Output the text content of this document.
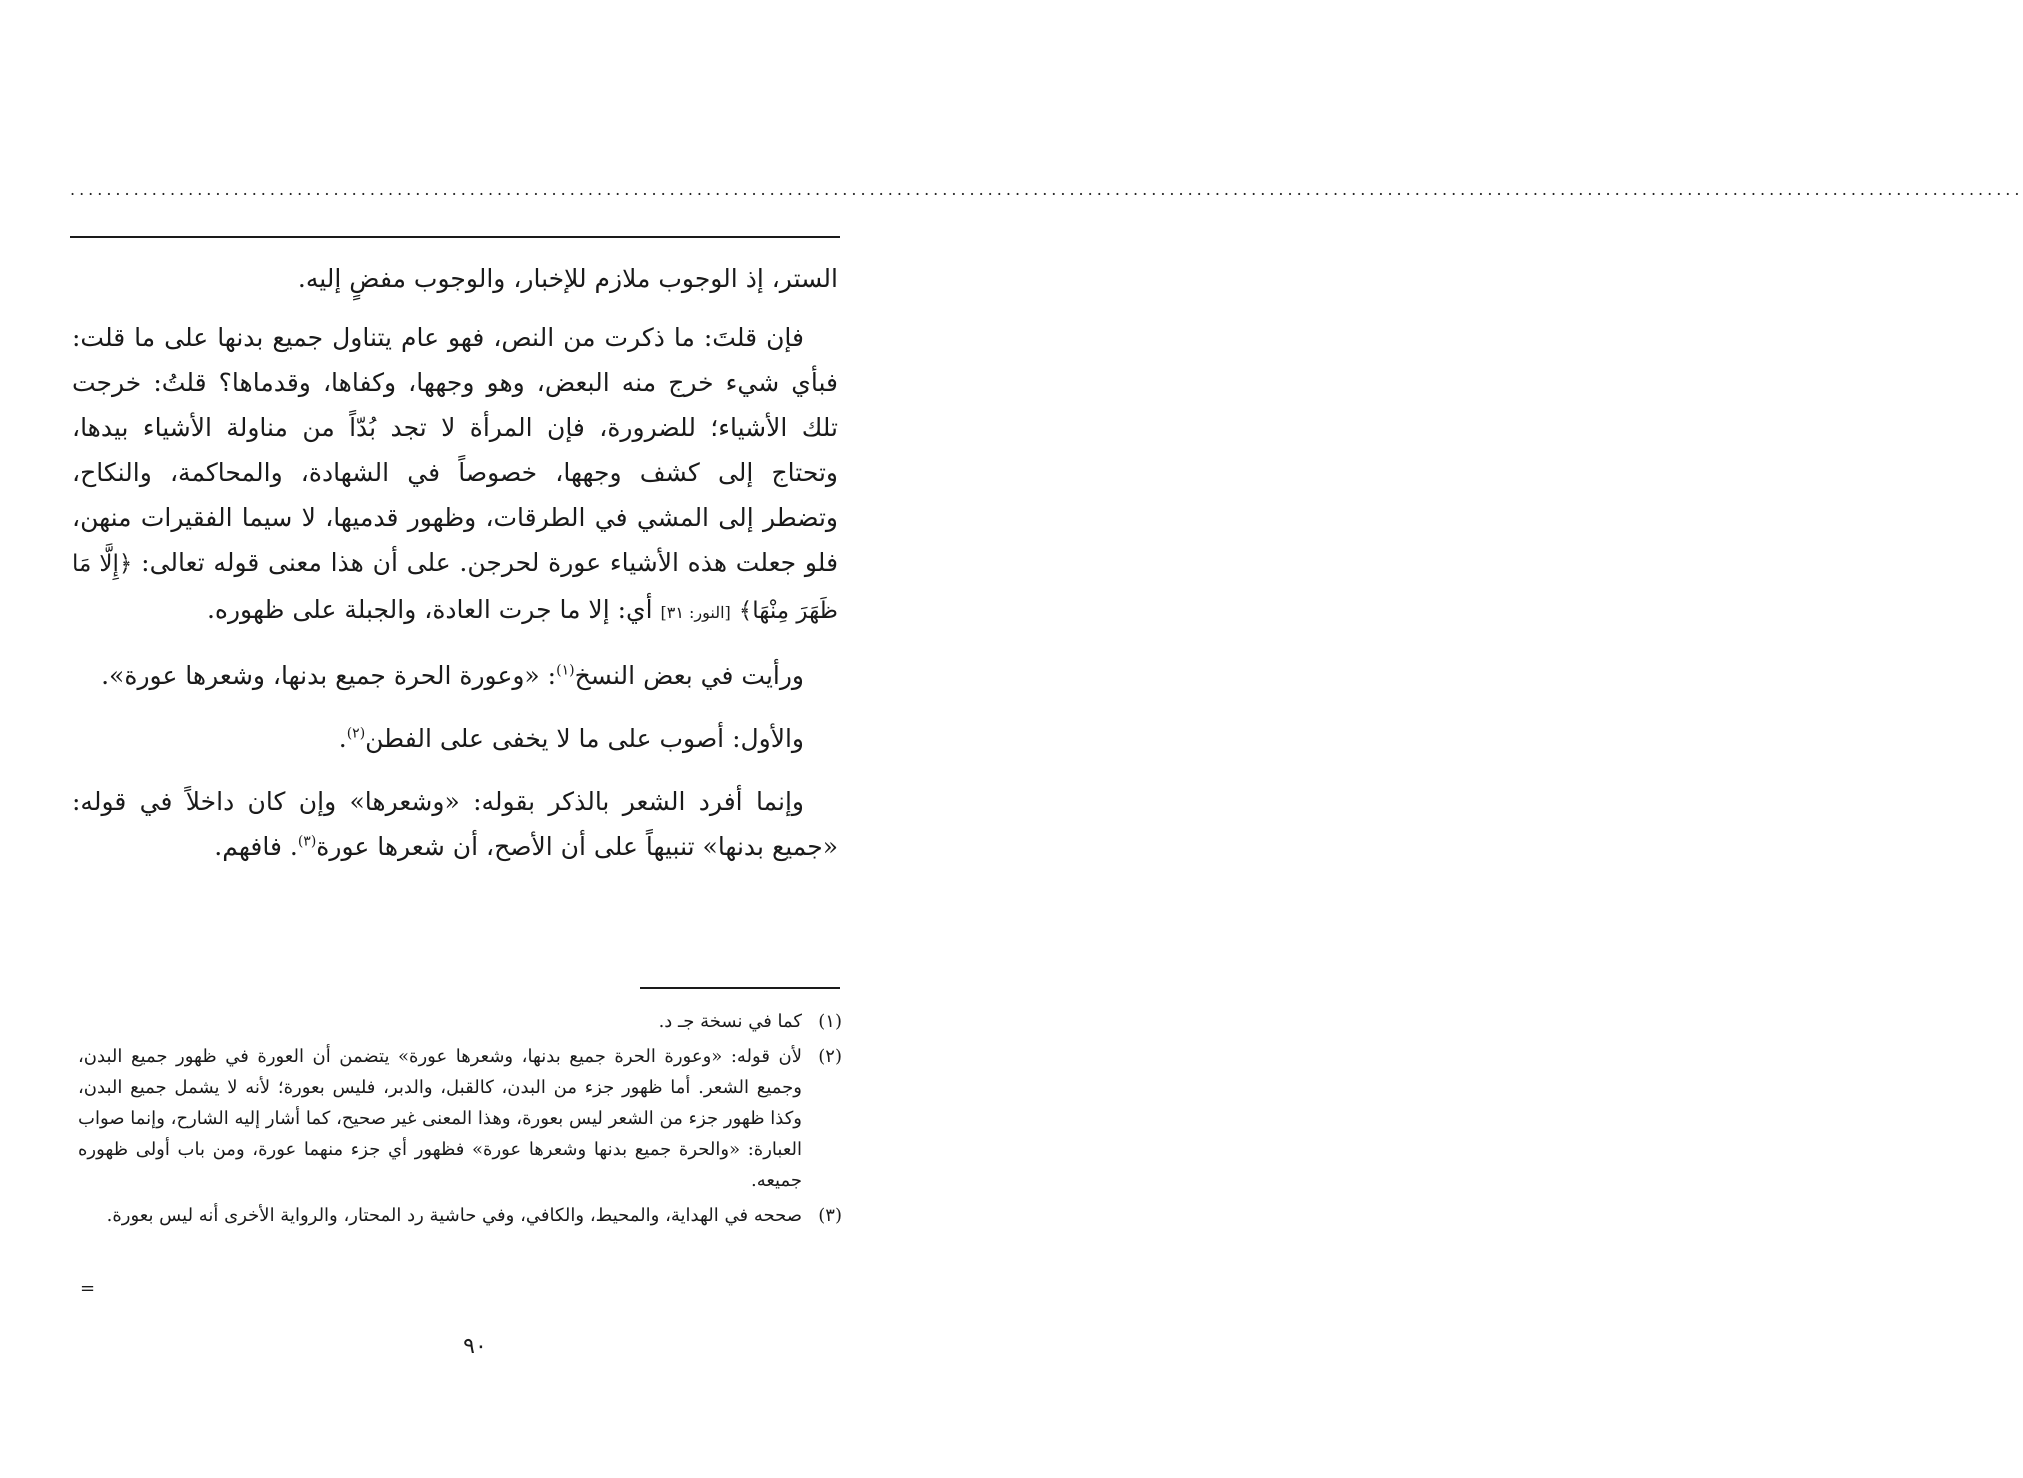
.......................................................................................................................................................................................................................

الستر، إذ الوجوب ملازم للإخبار، والوجوب مفضٍ إليه.

فإن قلتَ: ما ذكرت من النص، فهو عام يتناول جميع بدنها على ما قلت: فبأي شيء خرج منه البعض، وهو وجهها، وكفاها، وقدماها؟ قلتُ: خرجت تلك الأشياء؛ للضرورة، فإن المرأة لا تجد بُدّاً من مناولة الأشياء بيدها، وتحتاج إلى كشف وجهها، خصوصاً في الشهادة، والمحاكمة، والنكاح، وتضطر إلى المشي في الطرقات، وظهور قدميها، لا سيما الفقيرات منهن، فلو جعلت هذه الأشياء عورة لحرجن. على أن هذا معنى قوله تعالى: ﴿إِلَّا مَا ظَهَرَ مِنْهَا﴾ [النور: ٣١] أي: إلا ما جرت العادة، والجبلة على ظهوره.

ورأيت في بعض النسخ$^{(١)}$: «وعورة الحرة جميع بدنها، وشعرها عورة».

والأول: أصوب على ما لا يخفى على الفطن$^{(٢)}$.

وإنما أفرد الشعر بالذكر بقوله: «وشعرها» وإن كان داخلاً في قوله: «جميع بدنها» تنبيهاً على أن الأصح، أن شعرها عورة$^{(٣)}$. فافهم.

(١)
كما في نسخة جـ د.
(٢)
لأن قوله: «وعورة الحرة جميع بدنها، وشعرها عورة» يتضمن أن العورة في ظهور جميع البدن، وجميع الشعر. أما ظهور جزء من البدن، كالقبل، والدبر، فليس بعورة؛ لأنه لا يشمل جميع البدن، وكذا ظهور جزء من الشعر ليس بعورة، وهذا المعنى غير صحيح، كما أشار إليه الشارح، وإنما صواب العبارة: «والحرة جميع بدنها وشعرها عورة» فظهور أي جزء منهما عورة، ومن باب أولى ظهوره جميعه.
(٣)
صححه في الهداية، والمحيط، والكافي، وفي حاشية رد المحتار، والرواية الأخرى أنه ليس بعورة.
=
٩٠
